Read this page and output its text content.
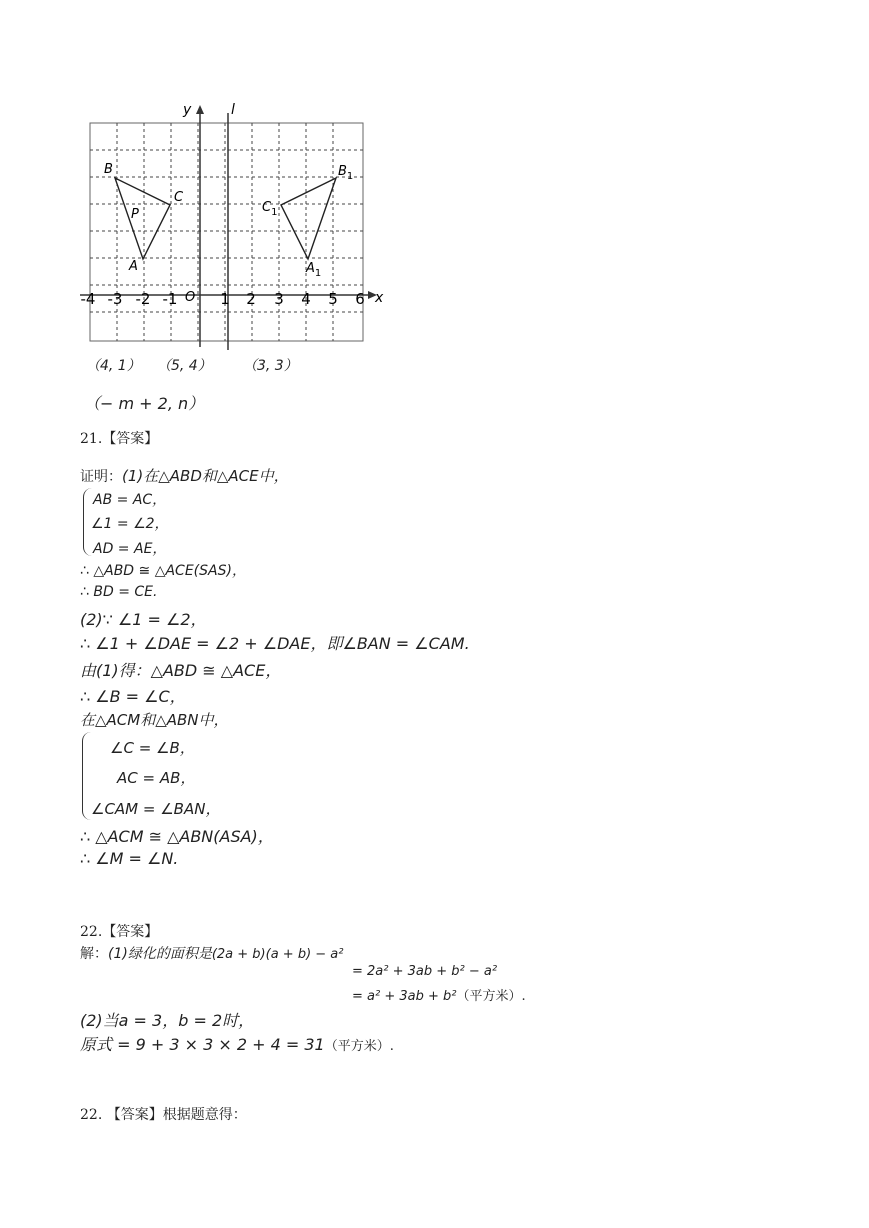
y	l
x
O
-4 -3 -2 -1	1 2 3 4 5 6
B
C
P
A
$B_1$
$C_1$
$A_1$
（4, 1） （5, 4） （3, 3）
（− m + 2, n）
21.【答案】
证明：(1)在△ABD和△ACE中，
AB = AC，
∠1 = ∠2，
AD = AE，
∴ △ABD ≅ △ACE(SAS)，
∴ BD = CE.
(2)∵ ∠1 = ∠2，
∴ ∠1 + ∠DAE = ∠2 + ∠DAE，即∠BAN = ∠CAM.
由(1)得：△ABD ≅ △ACE，
∴ ∠B = ∠C，
在△ACM和△ABN中，
∠C = ∠B，
AC = AB，
∠CAM = ∠BAN，
∴ △ACM ≅ △ABN(ASA)，
∴ ∠M = ∠N.
22.【答案】
解：(1)绿化的面积是(2a + b)(a + b) − a²
= 2a² + 3ab + b² − a²
= a² + 3ab + b²（平方米）.
(2)当a = 3，b = 2时，
原式 = 9 + 3 × 3 × 2 + 4 = 31（平方米）.
22. 【答案】根据题意得：
